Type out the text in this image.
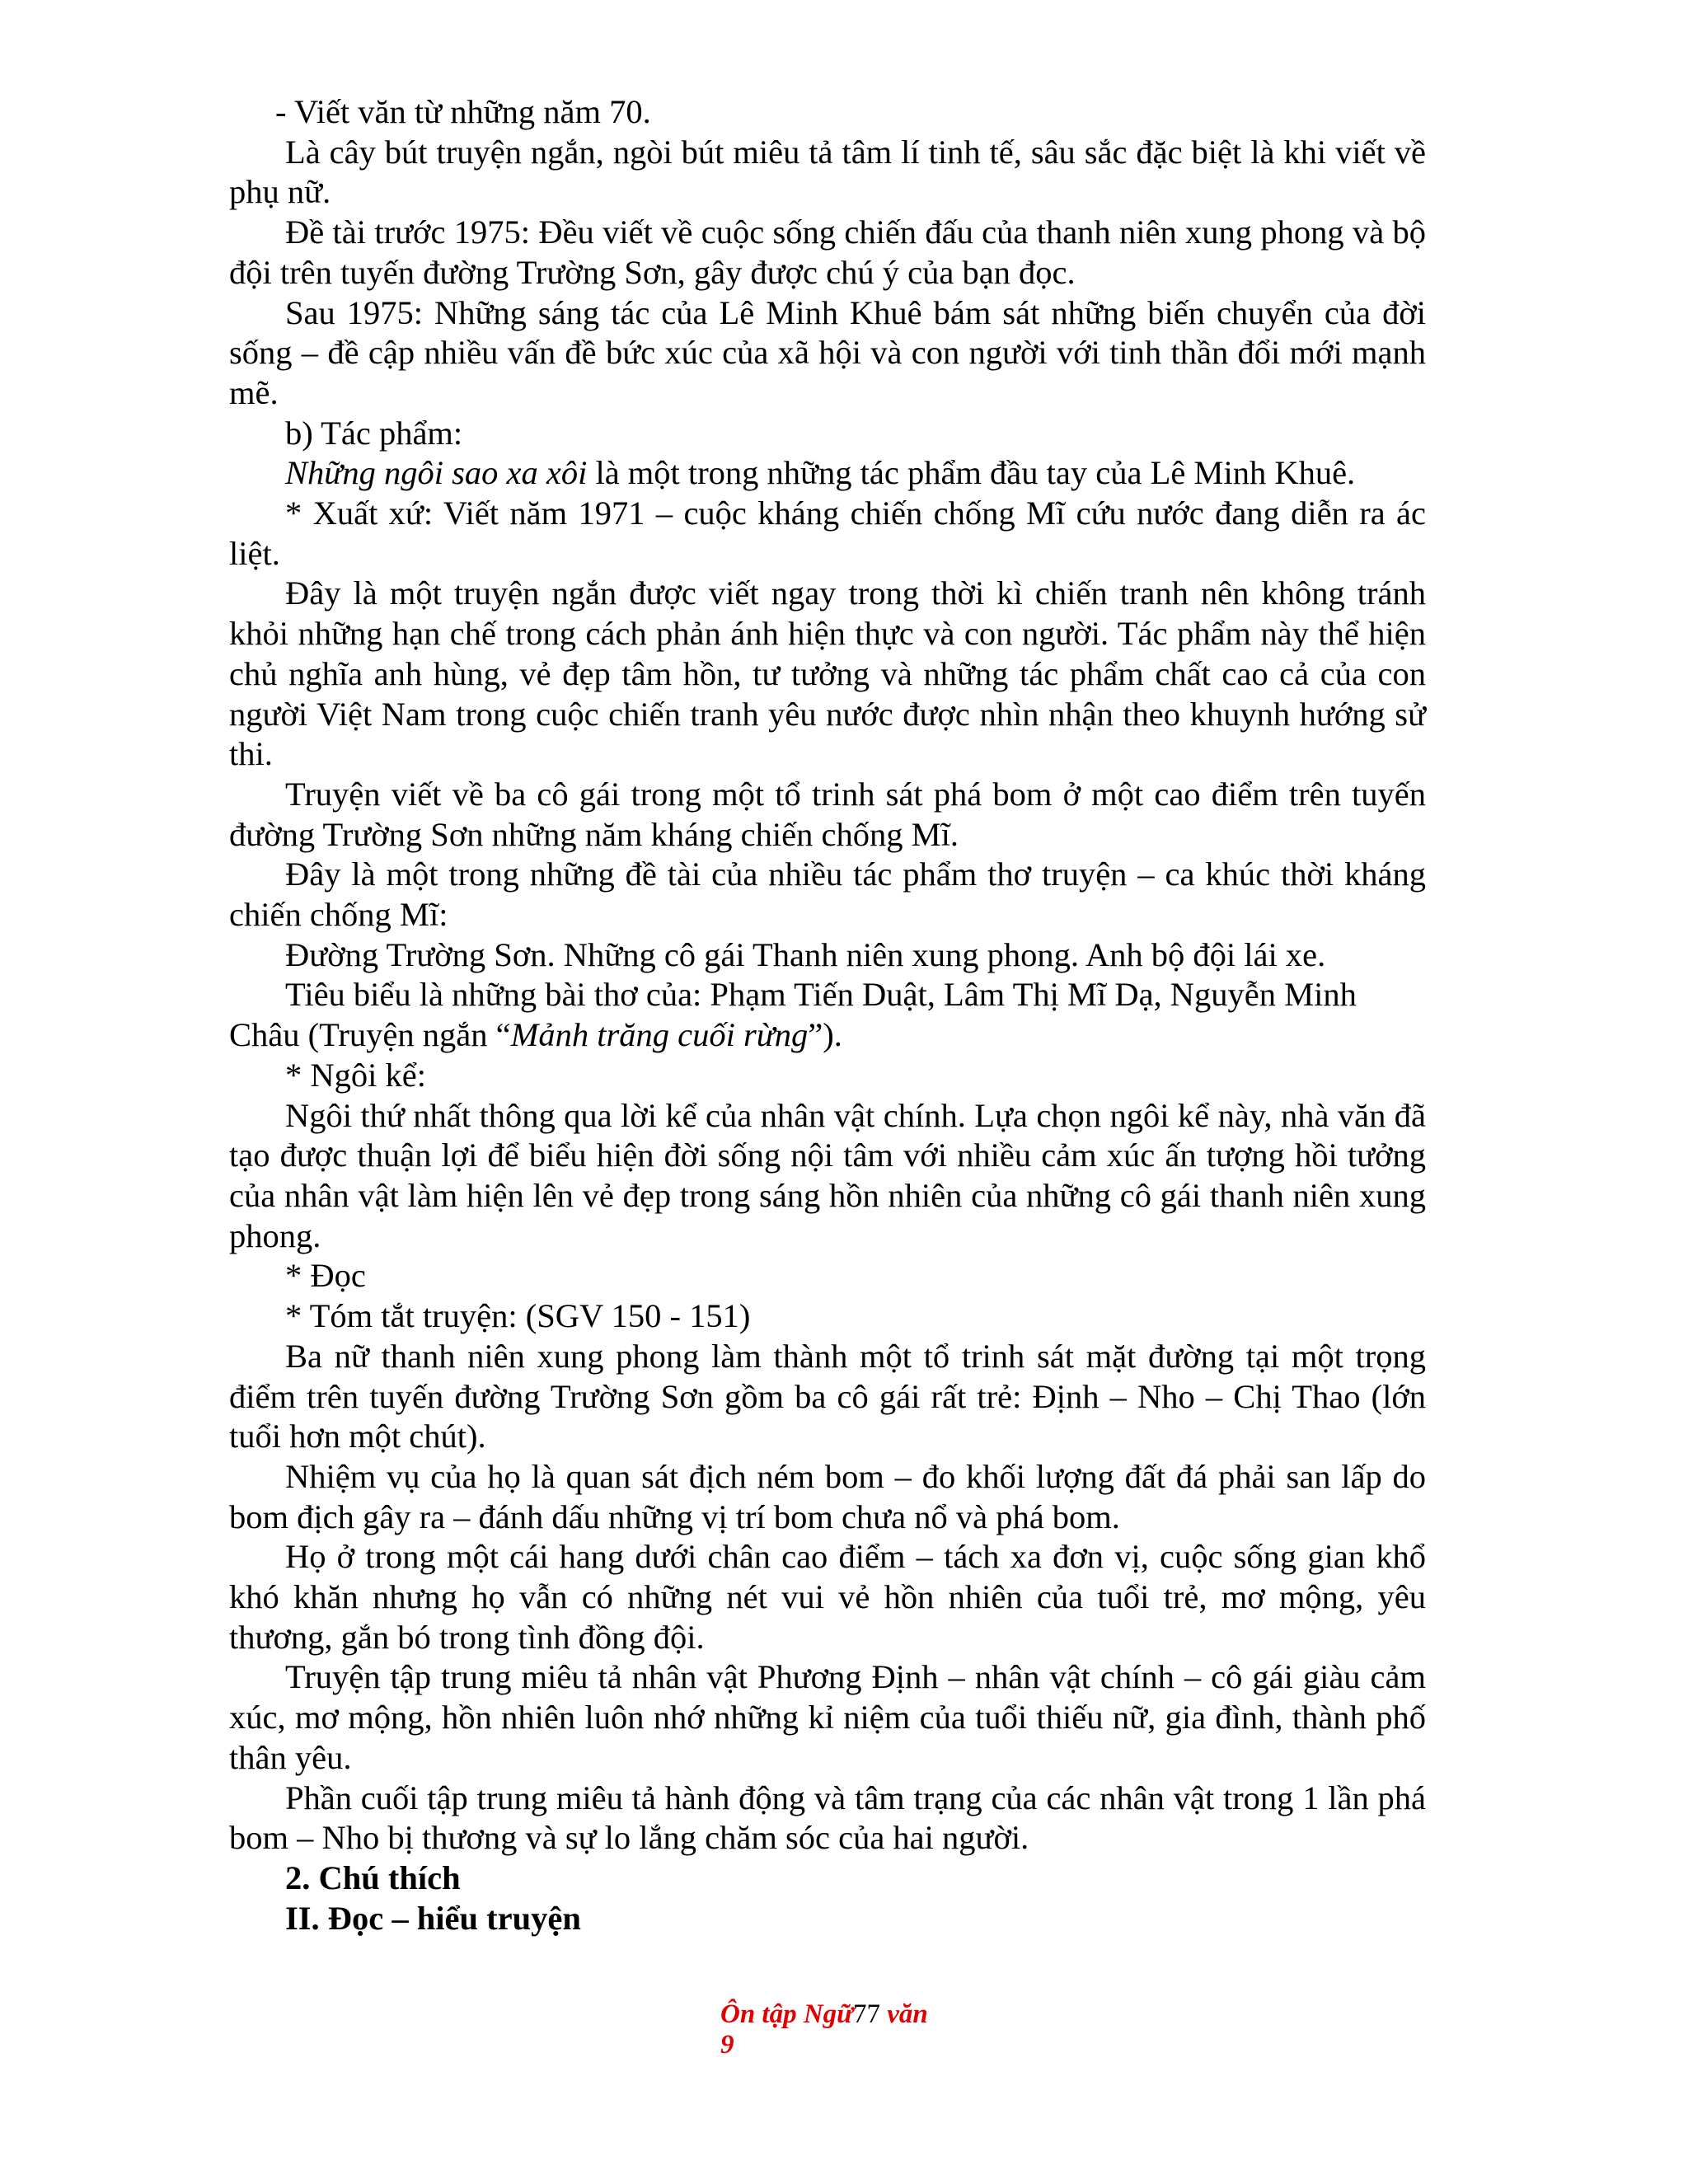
- Viết văn từ những năm 70.

Là cây bút truyện ngắn, ngòi bút miêu tả tâm lí tinh tế, sâu sắc đặc biệt là khi viết về phụ nữ.

Đề tài trước 1975: Đều viết về cuộc sống chiến đấu của thanh niên xung phong và bộ đội trên tuyến đường Trường Sơn, gây được chú ý của bạn đọc.

Sau 1975: Những sáng tác của Lê Minh Khuê bám sát những biến chuyển của đời sống – đề cập nhiều vấn đề bức xúc của xã hội và con người với tinh thần đổi mới mạnh mẽ.

b) Tác phẩm:

Những ngôi sao xa xôi là một trong những tác phẩm đầu tay của Lê Minh Khuê.

* Xuất xứ: Viết năm 1971 – cuộc kháng chiến chống Mĩ cứu nước đang diễn ra ác liệt.

Đây là một truyện ngắn được viết ngay trong thời kì chiến tranh nên không tránh khỏi những hạn chế trong cách phản ánh hiện thực và con người. Tác phẩm này thể hiện chủ nghĩa anh hùng, vẻ đẹp tâm hồn, tư tưởng và những tác phẩm chất cao cả của con người Việt Nam trong cuộc chiến tranh yêu nước được nhìn nhận theo khuynh hướng sử thi.

Truyện viết về ba cô gái trong một tổ trinh sát phá bom ở một cao điểm trên tuyến đường Trường Sơn những năm kháng chiến chống Mĩ.

Đây là một trong những đề tài của nhiều tác phẩm thơ truyện – ca khúc thời kháng chiến chống Mĩ:

Đường Trường Sơn. Những cô gái Thanh niên xung phong. Anh bộ đội lái xe.

Tiêu biểu là những bài thơ của: Phạm Tiến Duật, Lâm Thị Mĩ Dạ, Nguyễn Minh Châu (Truyện ngắn “Mảnh trăng cuối rừng”).

* Ngôi kể:

Ngôi thứ nhất thông qua lời kể của nhân vật chính. Lựa chọn ngôi kể này, nhà văn đã tạo được thuận lợi để biểu hiện đời sống nội tâm với nhiều cảm xúc ấn tượng hồi tưởng của nhân vật làm hiện lên vẻ đẹp trong sáng hồn nhiên của những cô gái thanh niên xung phong.

* Đọc

* Tóm tắt truyện: (SGV 150 - 151)

Ba nữ thanh niên xung phong làm thành một tổ trinh sát mặt đường tại một trọng điểm trên tuyến đường Trường Sơn gồm ba cô gái rất trẻ: Định – Nho – Chị Thao (lớn tuổi hơn một chút).

Nhiệm vụ của họ là quan sát địch ném bom – đo khối lượng đất đá phải san lấp do bom địch gây ra – đánh dấu những vị trí bom chưa nổ và phá bom.

Họ ở trong một cái hang dưới chân cao điểm – tách xa đơn vị, cuộc sống gian khổ khó khăn nhưng họ vẫn có những nét vui vẻ hồn nhiên của tuổi trẻ, mơ mộng, yêu thương, gắn bó trong tình đồng đội.

Truyện tập trung miêu tả nhân vật Phương Định – nhân vật chính – cô gái giàu cảm xúc, mơ mộng, hồn nhiên luôn nhớ những kỉ niệm của tuổi thiếu nữ, gia đình, thành phố thân yêu.

Phần cuối tập trung miêu tả hành động và tâm trạng của các nhân vật trong 1 lần phá bom – Nho bị thương và sự lo lắng chăm sóc của hai người.

2. Chú thích

II. Đọc – hiểu truyện

Ôn tập Ngữ77 văn
9
